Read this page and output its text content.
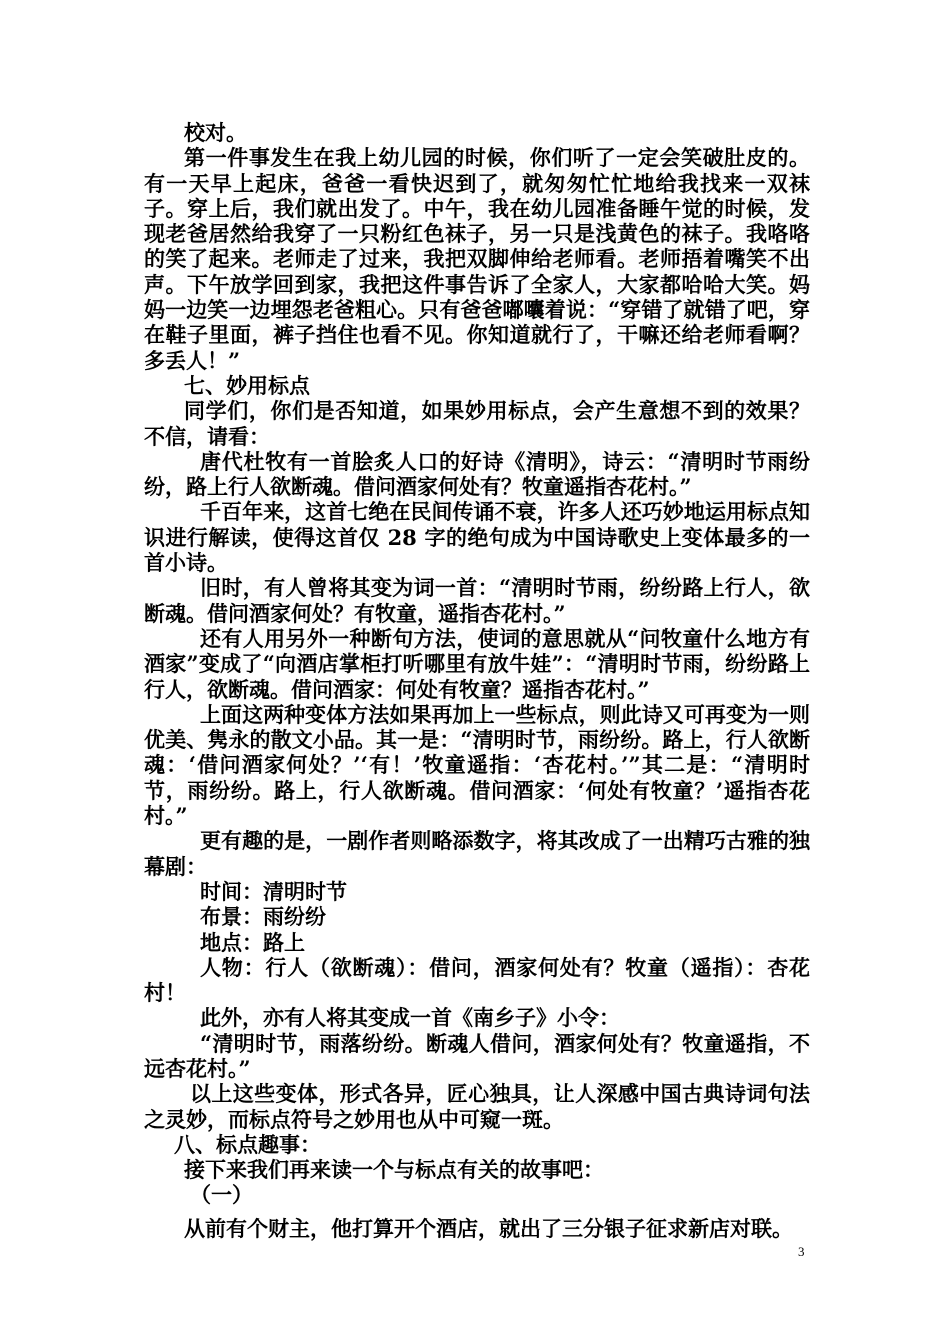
校对。

第一件事发生在我上幼儿园的时候，你们听了一定会笑破肚皮的。有一天早上起床，爸爸一看快迟到了，就匆匆忙忙地给我找来一双袜子。穿上后，我们就出发了。中午，我在幼儿园准备睡午觉的时候，发现老爸居然给我穿了一只粉红色袜子，另一只是浅黄色的袜子。我咯咯的笑了起来。老师走了过来，我把双脚伸给老师看。老师捂着嘴笑不出声。下午放学回到家，我把这件事告诉了全家人，大家都哈哈大笑。妈妈一边笑一边埋怨老爸粗心。只有爸爸嘟囔着说：“穿错了就错了吧，穿在鞋子里面，裤子挡住也看不见。你知道就行了，干嘛还给老师看啊？多丢人！”

七、妙用标点

同学们，你们是否知道，如果妙用标点，会产生意想不到的效果？不信，请看：

唐代杜牧有一首脍炙人口的好诗《清明》，诗云：“清明时节雨纷纷，路上行人欲断魂。借问酒家何处有？牧童遥指杏花村。”

千百年来，这首七绝在民间传诵不衰，许多人还巧妙地运用标点知识进行解读，使得这首仅 28 字的绝句成为中国诗歌史上变体最多的一首小诗。

旧时，有人曾将其变为词一首：“清明时节雨，纷纷路上行人，欲断魂。借问酒家何处？有牧童，遥指杏花村。”

还有人用另外一种断句方法，使词的意思就从“问牧童什么地方有酒家”变成了“向酒店掌柜打听哪里有放牛娃”：“清明时节雨，纷纷路上行人，欲断魂。借问酒家：何处有牧童？遥指杏花村。”

上面这两种变体方法如果再加上一些标点，则此诗又可再变为一则优美、隽永的散文小品。其一是：“清明时节，雨纷纷。路上，行人欲断魂：‘借问酒家何处？’‘有！’牧童遥指：‘杏花村。’”其二是：“清明时节，雨纷纷。路上，行人欲断魂。借问酒家：‘何处有牧童？’遥指杏花村。”

更有趣的是，一剧作者则略添数字，将其改成了一出精巧古雅的独幕剧：

时间：清明时节

布景：雨纷纷

地点：路上

人物：行人（欲断魂）：借问，酒家何处有？牧童（遥指）：杏花村！

此外，亦有人将其变成一首《南乡子》小令：

“清明时节，雨落纷纷。断魂人借问，酒家何处有？牧童遥指，不远杏花村。”

以上这些变体，形式各异，匠心独具，让人深感中国古典诗词句法之灵妙，而标点符号之妙用也从中可窥一斑。

八、标点趣事：

接下来我们再来读一个与标点有关的故事吧：

（一）

从前有个财主，他打算开个酒店，就出了三分银子征求新店对联。

3
